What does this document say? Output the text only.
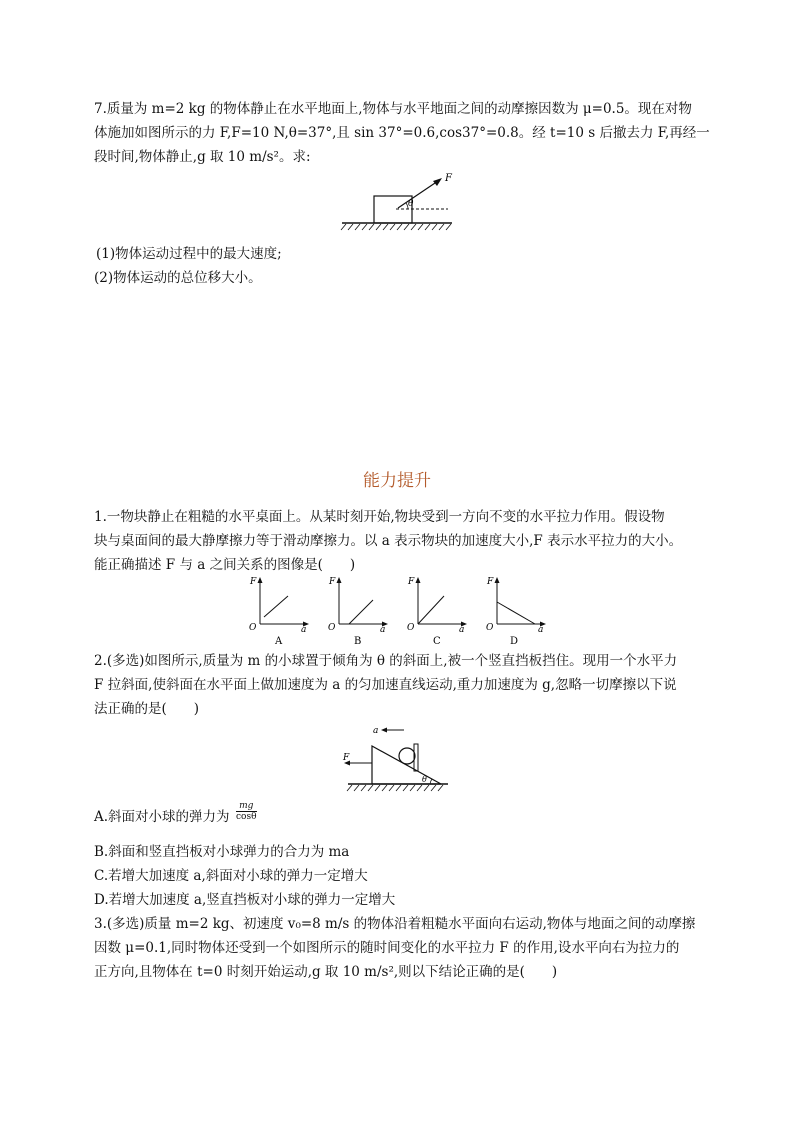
7.质量为 m=2 kg 的物体静止在水平地面上,物体与水平地面之间的动摩擦因数为 μ=0.5。现在对物
体施加如图所示的力 F,F=10 N,θ=37°,且 sin 37°=0.6,cos37°=0.8。经 t=10 s 后撤去力 F,再经一
段时间,物体静止,g 取 10 m/s²。求:
F
θ
(1)物体运动过程中的最大速度;
(2)物体运动的总位移大小。
能力提升
1.一物块静止在粗糙的水平桌面上。从某时刻开始,物块受到一方向不变的水平拉力作用。假设物
块与桌面间的最大静摩擦力等于滑动摩擦力。以 a 表示物块的加速度大小,F 表示水平拉力的大小。
能正确描述 F 与 a 之间关系的图像是(　　)
F
O	a
A
F
O	a
B
F
O	a
C
F
O	a
D
2.(多选)如图所示,质量为 m 的小球置于倾角为 θ 的斜面上,被一个竖直挡板挡住。现用一个水平力
F 拉斜面,使斜面在水平面上做加速度为 a 的匀加速直线运动,重力加速度为 g,忽略一切摩擦以下说
法正确的是(　　)
a
F
θ
A.斜面对小球的弹力为 $\frac{mg}{\cos\theta}$
B.斜面和竖直挡板对小球弹力的合力为 ma
C.若增大加速度 a,斜面对小球的弹力一定增大
D.若增大加速度 a,竖直挡板对小球的弹力一定增大
3.(多选)质量 m=2 kg、初速度 v₀=8 m/s 的物体沿着粗糙水平面向右运动,物体与地面之间的动摩擦
因数 μ=0.1,同时物体还受到一个如图所示的随时间变化的水平拉力 F 的作用,设水平向右为拉力的
正方向,且物体在 t=0 时刻开始运动,g 取 10 m/s²,则以下结论正确的是(　　)
